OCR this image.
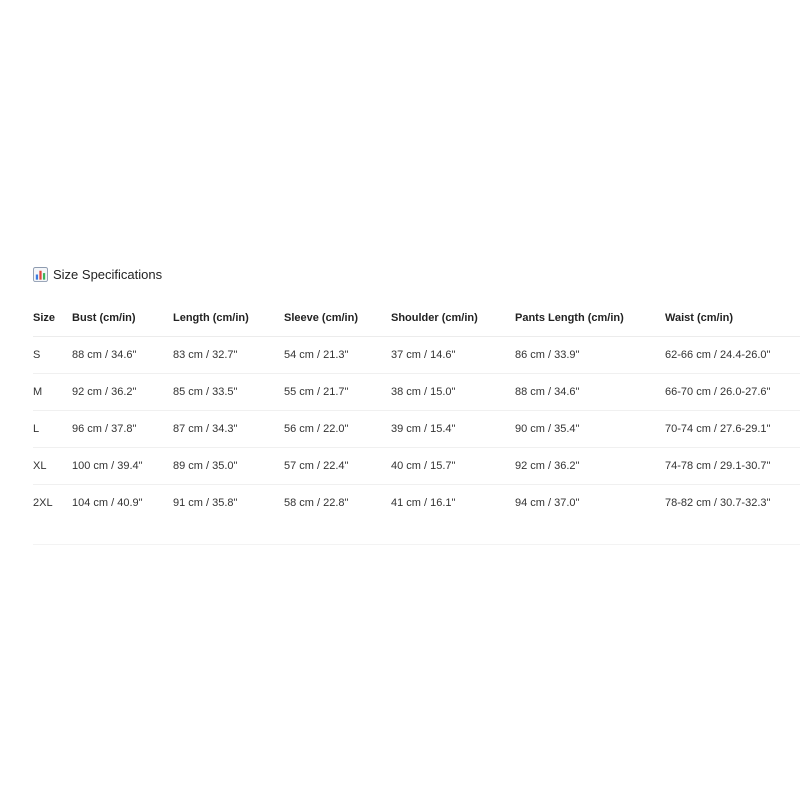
Size Specifications
Size	Bust (cm/in)	Length (cm/in)	Sleeve (cm/in)	Shoulder (cm/in)	Pants Length (cm/in)	Waist (cm/in)
S	88 cm / 34.6"	83 cm / 32.7"	54 cm / 21.3"	37 cm / 14.6"	86 cm / 33.9"	62-66 cm / 24.4-26.0"
M	92 cm / 36.2"	85 cm / 33.5"	55 cm / 21.7"	38 cm / 15.0"	88 cm / 34.6"	66-70 cm / 26.0-27.6"
L	96 cm / 37.8"	87 cm / 34.3"	56 cm / 22.0"	39 cm / 15.4"	90 cm / 35.4"	70-74 cm / 27.6-29.1"
XL	100 cm / 39.4"	89 cm / 35.0"	57 cm / 22.4"	40 cm / 15.7"	92 cm / 36.2"	74-78 cm / 29.1-30.7"
2XL	104 cm / 40.9"	91 cm / 35.8"	58 cm / 22.8"	41 cm / 16.1"	94 cm / 37.0"	78-82 cm / 30.7-32.3"
